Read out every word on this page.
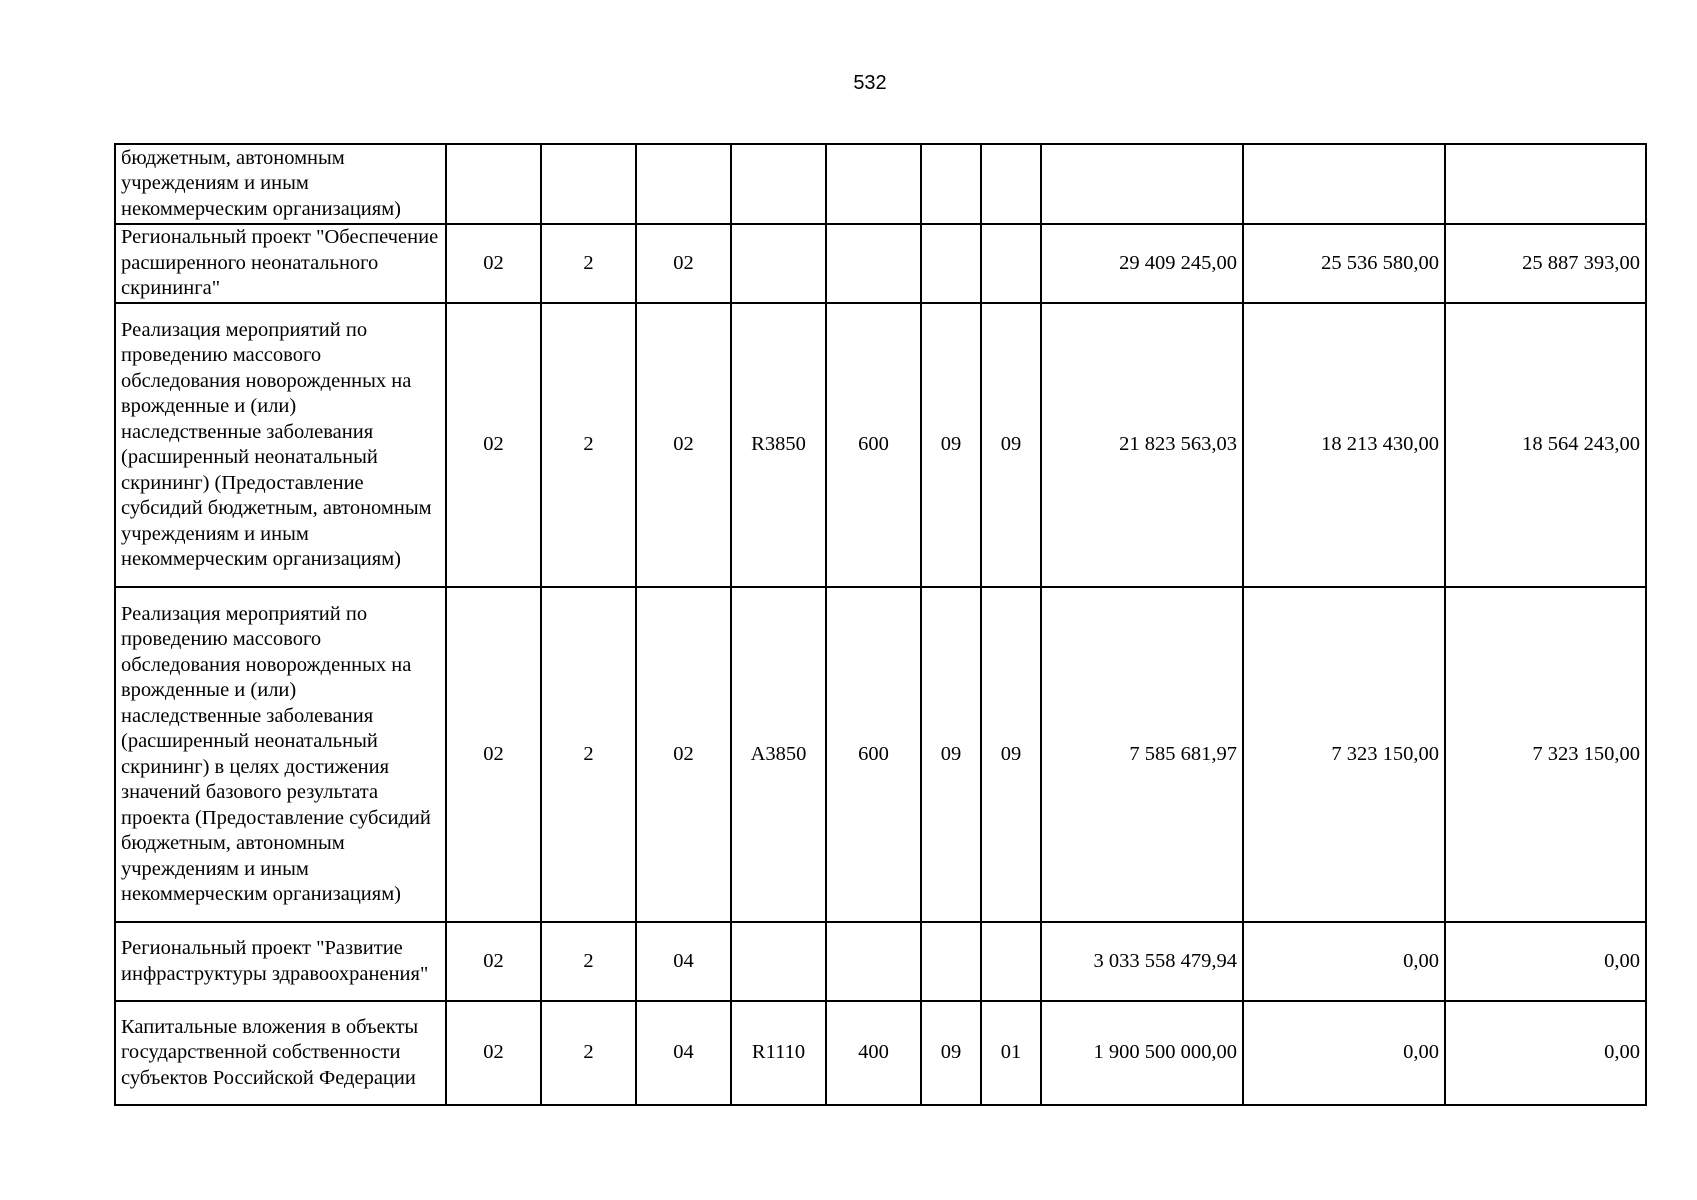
532
бюджетным, автономным учреждениям и иным некоммерческим организациям)										
Региональный проект "Обеспечение расширенного неонатального скрининга"	02	2	02					29 409 245,00	25 536 580,00	25 887 393,00
Реализация мероприятий по проведению массового обследования новорожденных на врожденные и (или) наследственные заболевания (расширенный неонатальный скрининг) (Предоставление субсидий бюджетным, автономным учреждениям и иным некоммерческим организациям)	02	2	02	R3850	600	09	09	21 823 563,03	18 213 430,00	18 564 243,00
Реализация мероприятий по проведению массового обследования новорожденных на врожденные и (или) наследственные заболевания (расширенный неонатальный скрининг) в целях достижения значений базового результата проекта (Предоставление субсидий бюджетным, автономным учреждениям и иным некоммерческим организациям)	02	2	02	A3850	600	09	09	7 585 681,97	7 323 150,00	7 323 150,00
Региональный проект "Развитие инфраструктуры здравоохранения"	02	2	04					3 033 558 479,94	0,00	0,00
Капитальные вложения в объекты государственной собственности субъектов Российской Федерации	02	2	04	R1110	400	09	01	1 900 500 000,00	0,00	0,00
